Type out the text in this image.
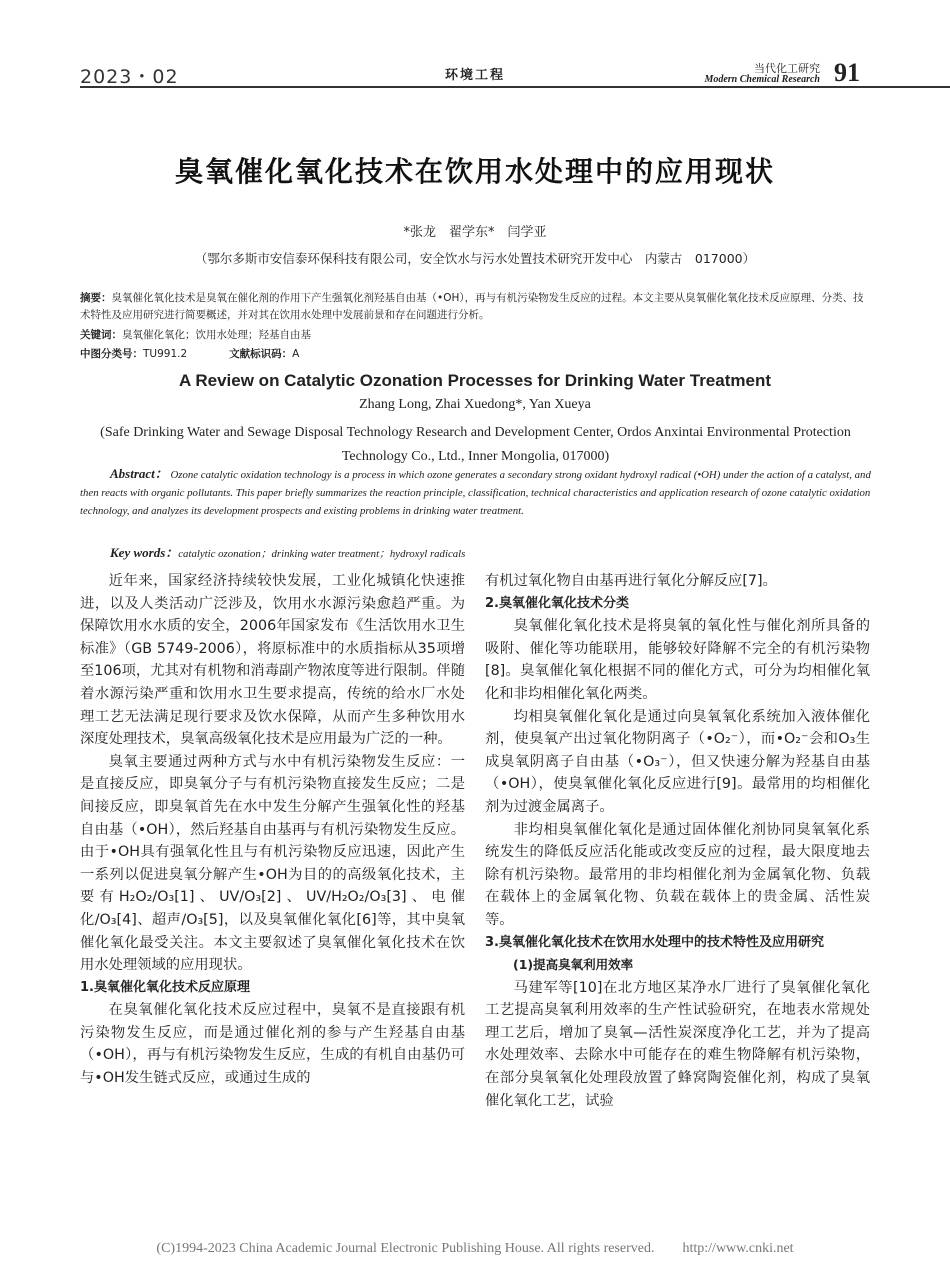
2023・02	环境工程	当代化工研究
Modern Chemical Research 91
臭氧催化氧化技术在饮用水处理中的应用现状
*张龙　翟学东*　闫学亚
（鄂尔多斯市安信泰环保科技有限公司，安全饮水与污水处置技术研究开发中心　内蒙古　017000）
摘要：臭氧催化氧化技术是臭氧在催化剂的作用下产生强氧化剂羟基自由基（•OH），再与有机污染物发生反应的过程。本文主要从臭氧催化氧化技术反应原理、分类、技术特性及应用研究进行简要概述，并对其在饮用水处理中发展前景和存在问题进行分析。
关键词：臭氧催化氧化；饮用水处理；羟基自由基
中图分类号：TU991.2	文献标识码：A
A Review on Catalytic Ozonation Processes for Drinking Water Treatment
Zhang Long, Zhai Xuedong*, Yan Xueya
(Safe Drinking Water and Sewage Disposal Technology Research and Development Center, Ordos Anxintai Environmental Protection Technology Co., Ltd., Inner Mongolia, 017000)
Abstract： Ozone catalytic oxidation technology is a process in which ozone generates a secondary strong oxidant hydroxyl radical (•OH) under the action of a catalyst, and then reacts with organic pollutants. This paper briefly summarizes the reaction principle, classification, technical characteristics and application research of ozone catalytic oxidation technology, and analyzes its development prospects and existing problems in drinking water treatment.
Key words：catalytic ozonation；drinking water treatment；hydroxyl radicals

近年来，国家经济持续较快发展，工业化城镇化快速推进，以及人类活动广泛涉及，饮用水水源污染愈趋严重。为保障饮用水水质的安全，2006年国家发布《生活饮用水卫生标准》（GB 5749-2006），将原标准中的水质指标从35项增至106项，尤其对有机物和消毒副产物浓度等进行限制。伴随着水源污染严重和饮用水卫生要求提高，传统的给水厂水处理工艺无法满足现行要求及饮水保障，从而产生多种饮用水深度处理技术，臭氧高级氧化技术是应用最为广泛的一种。

臭氧主要通过两种方式与水中有机污染物发生反应：一是直接反应，即臭氧分子与有机污染物直接发生反应；二是间接反应，即臭氧首先在水中发生分解产生强氧化性的羟基自由基（•OH），然后羟基自由基再与有机污染物发生反应。由于•OH具有强氧化性且与有机污染物反应迅速，因此产生一系列以促进臭氧分解产生•OH为目的的高级氧化技术，主要有H₂O₂/O₃[1]、UV/O₃[2]、UV/H₂O₂/O₃[3]、电催化/O₃[4]、超声/O₃[5]，以及臭氧催化氧化[6]等，其中臭氧催化氧化最受关注。本文主要叙述了臭氧催化氧化技术在饮用水处理领域的应用现状。

1.臭氧催化氧化技术反应原理

在臭氧催化氧化技术反应过程中，臭氧不是直接跟有机污染物发生反应，而是通过催化剂的参与产生羟基自由基（•OH），再与有机污染物发生反应，生成的有机自由基仍可与•OH发生链式反应，或通过生成的

有机过氧化物自由基再进行氧化分解反应[7]。

2.臭氧催化氧化技术分类

臭氧催化氧化技术是将臭氧的氧化性与催化剂所具备的吸附、催化等功能联用，能够较好降解不完全的有机污染物[8]。臭氧催化氧化根据不同的催化方式，可分为均相催化氧化和非均相催化氧化两类。

均相臭氧催化氧化是通过向臭氧氧化系统加入液体催化剂，使臭氧产出过氧化物阴离子（•O₂⁻），而•O₂⁻会和O₃生成臭氧阴离子自由基（•O₃⁻），但又快速分解为羟基自由基（•OH），使臭氧催化氧化反应进行[9]。最常用的均相催化剂为过渡金属离子。

非均相臭氧催化氧化是通过固体催化剂协同臭氧氧化系统发生的降低反应活化能或改变反应的过程，最大限度地去除有机污染物。最常用的非均相催化剂为金属氧化物、负载在载体上的金属氧化物、负载在载体上的贵金属、活性炭等。

3.臭氧催化氧化技术在饮用水处理中的技术特性及应用研究
(1)提高臭氧利用效率

马建军等[10]在北方地区某净水厂进行了臭氧催化氧化工艺提高臭氧利用效率的生产性试验研究，在地表水常规处理工艺后，增加了臭氧—活性炭深度净化工艺，并为了提高水处理效率、去除水中可能存在的难生物降解有机污染物，在部分臭氧氧化处理段放置了蜂窝陶瓷催化剂，构成了臭氧催化氧化工艺，试验

(C)1994-2023 China Academic Journal Electronic Publishing House. All rights reserved.　　http://www.cnki.net
